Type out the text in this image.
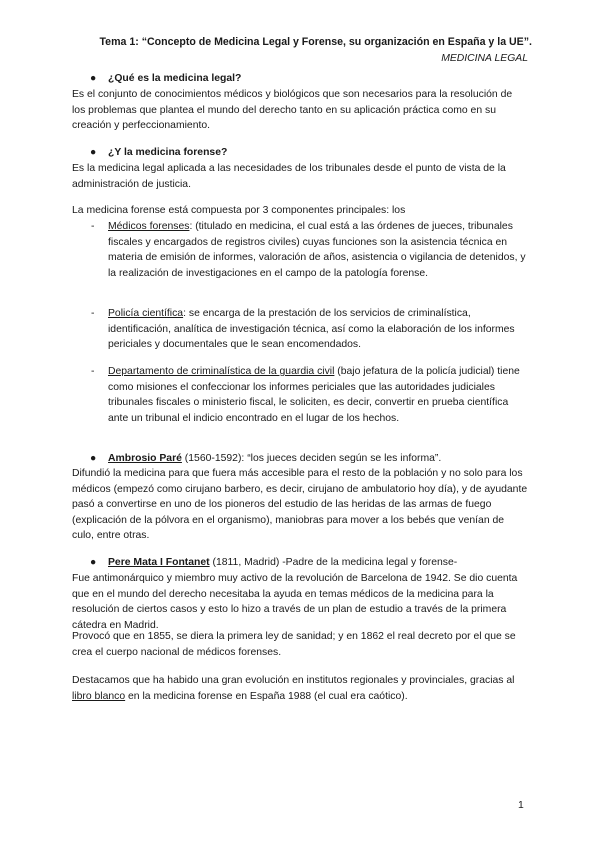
Tema 1: “Concepto de Medicina Legal y Forense, su organización en España y la UE”.
MEDICINA LEGAL
● ¿Qué es la medicina legal?

Es el conjunto de conocimientos médicos y biológicos que son necesarios para la resolución de los problemas que plantea el mundo del derecho tanto en su aplicación práctica como en su creación y perfeccionamiento.

● ¿Y la medicina forense?

Es la medicina legal aplicada a las necesidades de los tribunales desde el punto de vista de la administración de justicia.

La medicina forense está compuesta por 3 componentes principales: los

- Médicos forenses: (titulado en medicina, el cual está a las órdenes de jueces, tribunales fiscales y encargados de registros civiles) cuyas funciones son la asistencia técnica en materia de emisión de informes, valoración de años, asistencia o vigilancia de detenidos, y la realización de investigaciones en el campo de la patología forense.
- Policía científica: se encarga de la prestación de los servicios de criminalística, identificación, analítica de investigación técnica, así como la elaboración de los informes periciales y documentales que le sean encomendados.
- Departamento de criminalística de la guardia civil (bajo jefatura de la policía judicial) tiene como misiones el confeccionar los informes periciales que las autoridades judiciales tribunales fiscales o ministerio fiscal, le soliciten, es decir, convertir en prueba científica ante un tribunal el indicio encontrado en el lugar de los hechos.
● Ambrosio Paré (1560-1592): “los jueces deciden según se les informa”.

Difundió la medicina para que fuera más accesible para el resto de la población y no solo para los médicos (empezó como cirujano barbero, es decir, cirujano de ambulatorio hoy día), y de ayudante pasó a convertirse en uno de los pioneros del estudio de las heridas de las armas de fuego (explicación de la pólvora en el organismo), maniobras para mover a los bebés que venían de culo, entre otras.

● Pere Mata I Fontanet (1811, Madrid) -Padre de la medicina legal y forense-

Fue antimonárquico y miembro muy activo de la revolución de Barcelona de 1942. Se dio cuenta que en el mundo del derecho necesitaba la ayuda en temas médicos de la medicina para la resolución de ciertos casos y esto lo hizo a través de un plan de estudio a través de la primera cátedra en Madrid.

Provocó que en 1855, se diera la primera ley de sanidad; y en 1862 el real decreto por el que se crea el cuerpo nacional de médicos forenses.

Destacamos que ha habido una gran evolución en institutos regionales y provinciales, gracias al libro blanco en la medicina forense en España 1988 (el cual era caótico).

1
